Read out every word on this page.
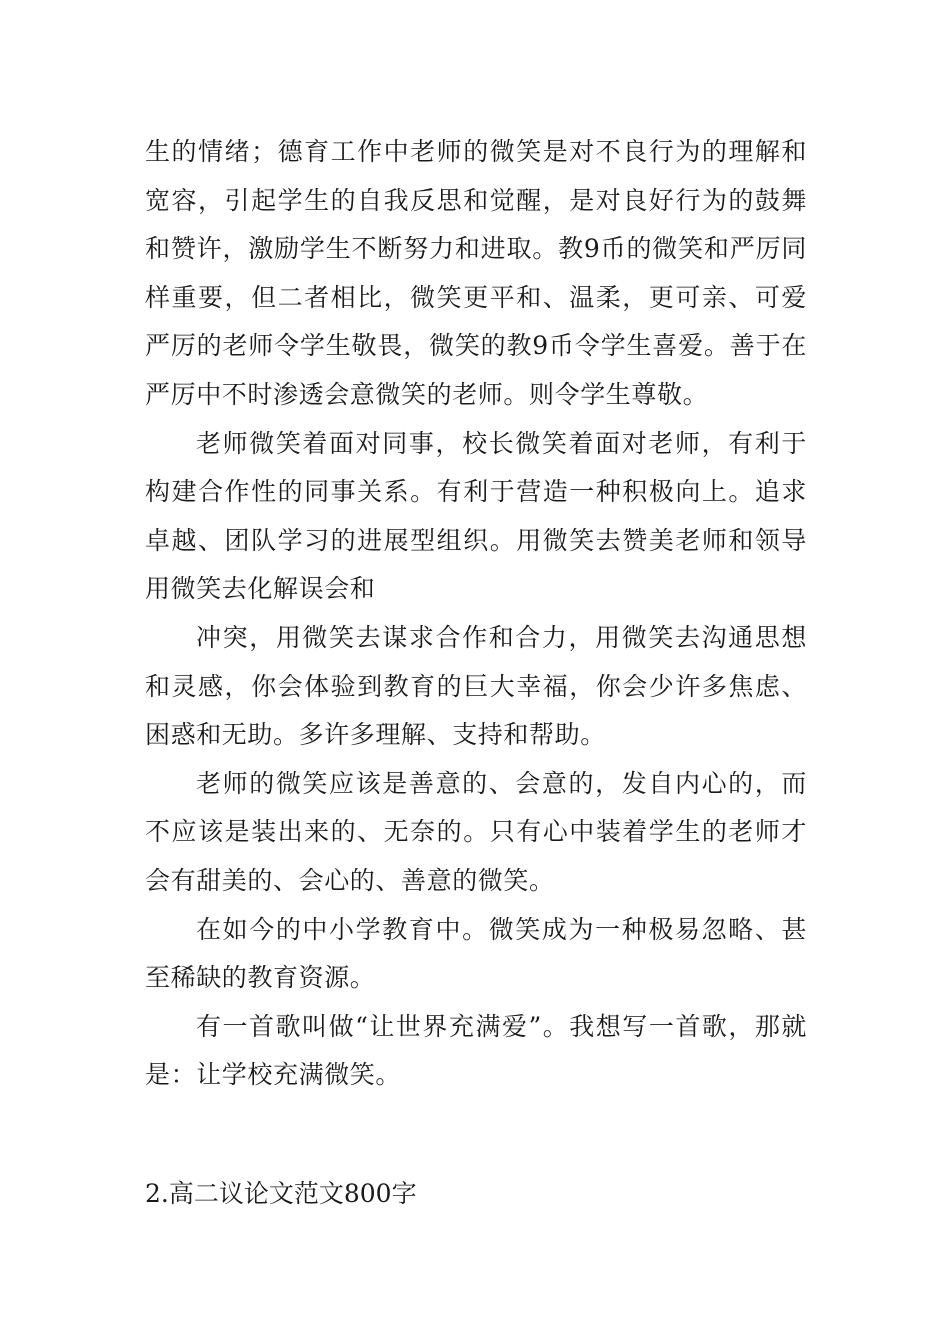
生的情绪；德育工作中老师的微笑是对不良行为的理解和宽容，引起学生的自我反思和觉醒，是对良好行为的鼓舞和赞许，激励学生不断努力和进取。教9币的微笑和严厉同样重要，但二者相比，微笑更平和、温柔，更可亲、可爱严厉的老师令学生敬畏，微笑的教9币令学生喜爱。善于在严厉中不时渗透会意微笑的老师。则令学生尊敬。

老师微笑着面对同事，校长微笑着面对老师，有利于构建合作性的同事关系。有利于营造一种积极向上。追求卓越、团队学习的进展型组织。用微笑去赞美老师和领导用微笑去化解误会和

冲突，用微笑去谋求合作和合力，用微笑去沟通思想和灵感，你会体验到教育的巨大幸福，你会少许多焦虑、困惑和无助。多许多理解、支持和帮助。

老师的微笑应该是善意的、会意的，发自内心的，而不应该是装出来的、无奈的。只有心中装着学生的老师才会有甜美的、会心的、善意的微笑。

在如今的中小学教育中。微笑成为一种极易忽略、甚至稀缺的教育资源。

有一首歌叫做“让世界充满爱”。我想写一首歌，那就是：让学校充满微笑。

2.高二议论文范文800字
